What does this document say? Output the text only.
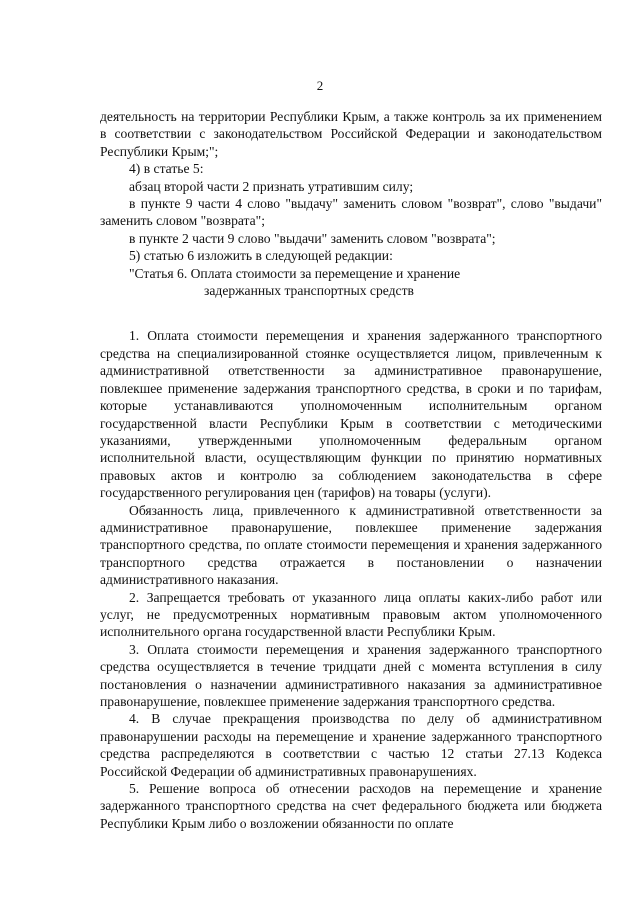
2

деятельность на территории Республики Крым, а также контроль за их применением в соответствии с законодательством Российской Федерации и законодательством Республики Крым;";

4) в статье 5:

абзац второй части 2 признать утратившим силу;

в пункте 9 части 4 слово "выдачу" заменить словом "возврат", слово "выдачи" заменить словом "возврата";

в пункте 2 части 9 слово "выдачи" заменить словом "возврата";

5) статью 6 изложить в следующей редакции:

"Статья 6. Оплата стоимости за перемещение и хранение

задержанных транспортных средств

1. Оплата стоимости перемещения и хранения задержанного транспортного средства на специализированной стоянке осуществляется лицом, привлеченным к административной ответственности за административное правонарушение, повлекшее применение задержания транспортного средства, в сроки и по тарифам, которые устанавливаются уполномоченным исполнительным органом государственной власти Республики Крым в соответствии с методическими указаниями, утвержденными уполномоченным федеральным органом исполнительной власти, осуществляющим функции по принятию нормативных правовых актов и контролю за соблюдением законодательства в сфере государственного регулирования цен (тарифов) на товары (услуги).

Обязанность лица, привлеченного к административной ответственности за административное правонарушение, повлекшее применение задержания транспортного средства, по оплате стоимости перемещения и хранения задержанного транспортного средства отражается в постановлении о назначении административного наказания.

2. Запрещается требовать от указанного лица оплаты каких-либо работ или услуг, не предусмотренных нормативным правовым актом уполномоченного исполнительного органа государственной власти Республики Крым.

3. Оплата стоимости перемещения и хранения задержанного транспортного средства осуществляется в течение тридцати дней с момента вступления в силу постановления о назначении административного наказания за административное правонарушение, повлекшее применение задержания транспортного средства.

4. В случае прекращения производства по делу об административном правонарушении расходы на перемещение и хранение задержанного транспортного средства распределяются в соответствии с частью 12 статьи 27.13 Кодекса Российской Федерации об административных правонарушениях.

5. Решение вопроса об отнесении расходов на перемещение и хранение задержанного транспортного средства на счет федерального бюджета или бюджета Республики Крым либо о возложении обязанности по оплате
